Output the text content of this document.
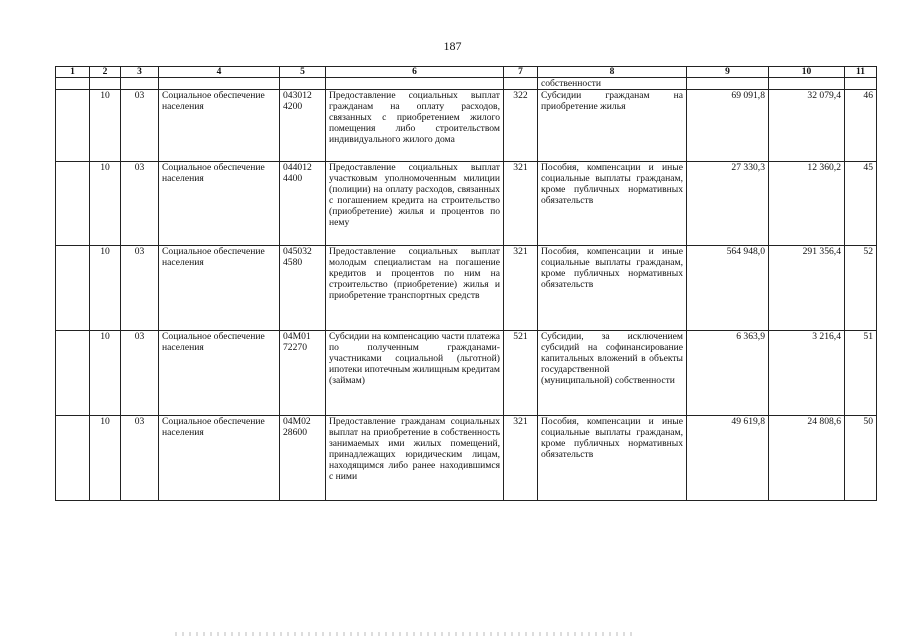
187
1	2	3	4	5	6	7	8	9	10	11
							собственности			
	10	03	Социальное обеспечение населения	043012 4200	Предоставление социальных выплат гражданам на оплату расходов, связанных с приобретением жилого помещения либо строительством индивидуального жилого дома	322	Субсидии гражданам на приобретение жилья	69 091,8	32 079,4	46
	10	03	Социальное обеспечение населения	044012 4400	Предоставление социальных выплат участковым уполномоченным милиции (полиции) на оплату расходов, связанных с погашением кредита на строительство (приобретение) жилья и процентов по нему	321	Пособия, компенсации и иные социальные выплаты гражданам, кроме публичных нормативных обязательств	27 330,3	12 360,2	45
	10	03	Социальное обеспечение населения	045032 4580	Предоставление социальных выплат молодым специалистам на погашение кредитов и процентов по ним на строительство (приобретение) жилья и приобретение транспортных средств	321	Пособия, компенсации и иные социальные выплаты гражданам, кроме публичных нормативных обязательств	564 948,0	291 356,4	52
	10	03	Социальное обеспечение населения	04М01 72270	Субсидии на компенсацию части платежа по полученным гражданами-участниками социальной (льготной) ипотеки ипотечным жилищным кредитам (займам)	521	Субсидии, за исключением субсидий на софинансирование капитальных вложений в объекты государственной (муниципальной) собственности	6 363,9	3 216,4	51
	10	03	Социальное обеспечение населения	04М02 28600	Предоставление гражданам социальных выплат на приобретение в собственность занимаемых ими жилых помещений, принадлежащих юридическим лицам, находящимся либо ранее находившимся с ними	321	Пособия, компенсации и иные социальные выплаты гражданам, кроме публичных нормативных обязательств	49 619,8	24 808,6	50
